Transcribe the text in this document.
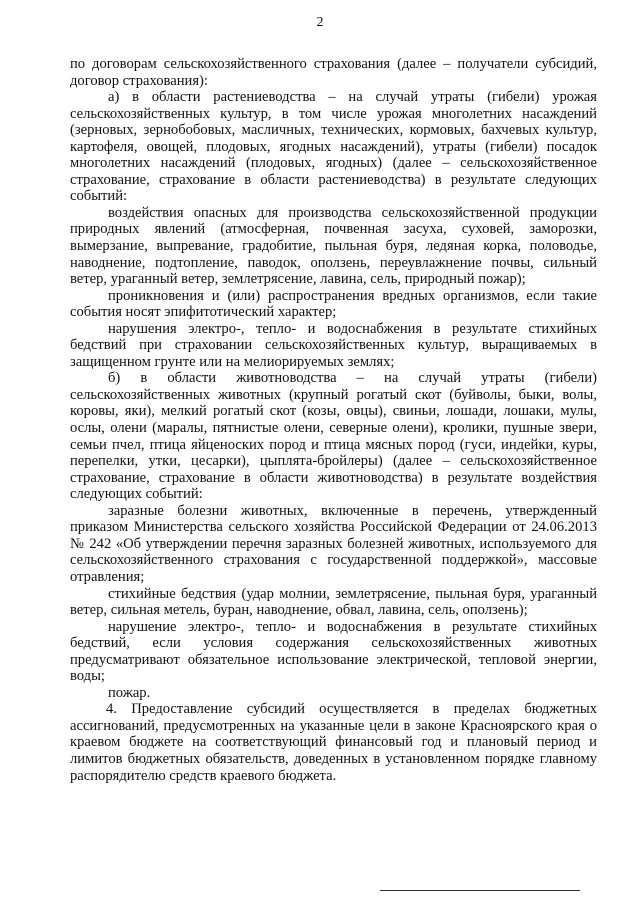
2

по договорам сельскохозяйственного страхования (далее – получатели субсидий, договор страхования):

а) в области растениеводства – на случай утраты (гибели) урожая сельскохозяйственных культур, в том числе урожая многолетних насаждений (зерновых, зернобобовых, масличных, технических, кормовых, бахчевых культур, картофеля, овощей, плодовых, ягодных насаждений), утраты (гибели) посадок многолетних насаждений (плодовых, ягодных) (далее – сельскохозяйственное страхование, страхование в области растениеводства) в результате следующих событий:

воздействия опасных для производства сельскохозяйственной продукции природных явлений (атмосферная, почвенная засуха, суховей, заморозки, вымерзание, выпревание, градобитие, пыльная буря, ледяная корка, половодье, наводнение, подтопление, паводок, оползень, переувлажнение почвы, сильный ветер, ураганный ветер, землетрясение, лавина, сель, природный пожар);

проникновения и (или) распространения вредных организмов, если такие события носят эпифитотический характер;

нарушения электро-, тепло- и водоснабжения в результате стихийных бедствий при страховании сельскохозяйственных культур, выращиваемых в защищенном грунте или на мелиорируемых землях;

б) в области животноводства – на случай утраты (гибели) сельскохозяйственных животных (крупный рогатый скот (буйволы, быки, волы, коровы, яки), мелкий рогатый скот (козы, овцы), свиньи, лошади, лошаки, мулы, ослы, олени (маралы, пятнистые олени, северные олени), кролики, пушные звери, семьи пчел, птица яйценоских пород и птица мясных пород (гуси, индейки, куры, перепелки, утки, цесарки), цыплята-бройлеры) (далее – сельскохозяйственное страхование, страхование в области животноводства) в результате воздействия следующих событий:

заразные болезни животных, включенные в перечень, утвержденный приказом Министерства сельского хозяйства Российской Федерации от 24.06.2013 № 242 «Об утверждении перечня заразных болезней животных, используемого для сельскохозяйственного страхования с государственной поддержкой», массовые отравления;

стихийные бедствия (удар молнии, землетрясение, пыльная буря, ураганный ветер, сильная метель, буран, наводнение, обвал, лавина, сель, оползень);

нарушение электро-, тепло- и водоснабжения в результате стихийных бедствий, если условия содержания сельскохозяйственных животных предусматривают обязательное использование электрической, тепловой энергии, воды;

пожар.

4. Предоставление субсидий осуществляется в пределах бюджетных ассигнований, предусмотренных на указанные цели в законе Красноярского края о краевом бюджете на соответствующий финансовый год и плановый период и лимитов бюджетных обязательств, доведенных в установленном порядке главному распорядителю средств краевого бюджета.
